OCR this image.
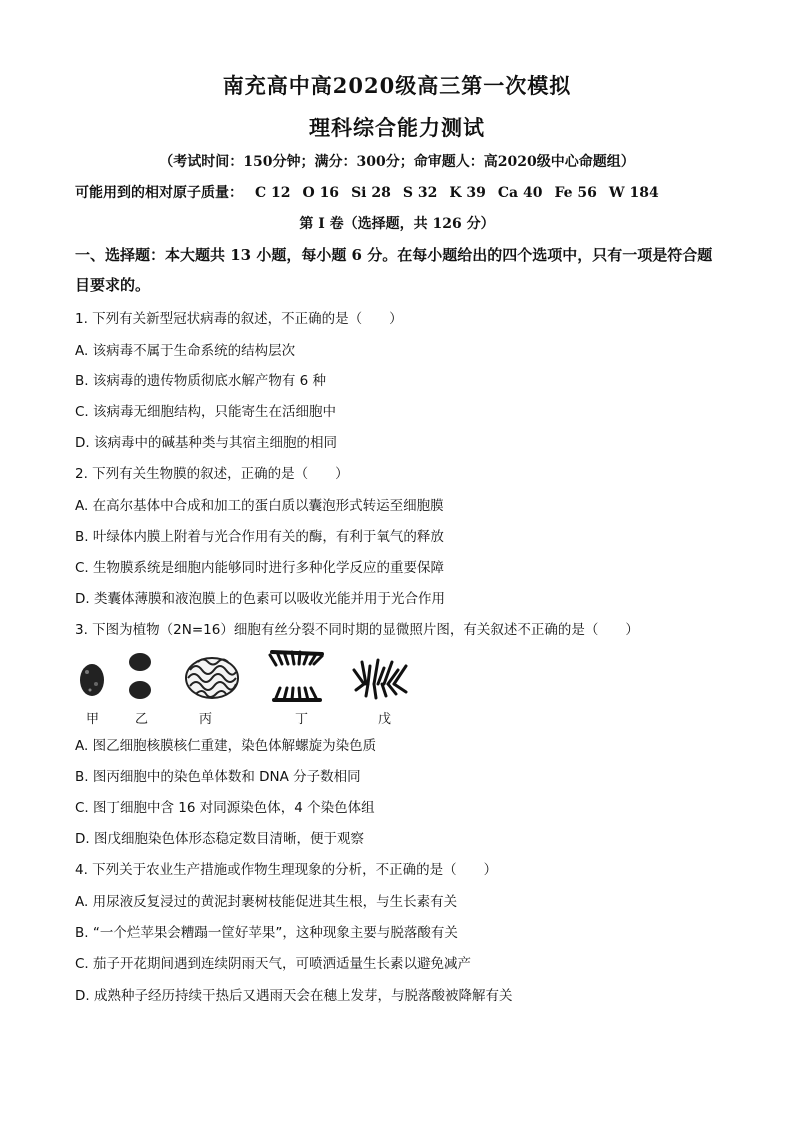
南充高中高2020级高三第一次模拟
理科综合能力测试
（考试时间：150分钟；满分：300分；命审题人：高2020级中心命题组）
可能用到的相对原子质量： C 12 O 16 Si 28 S 32 K 39 Ca 40 Fe 56 W 184
第 I 卷（选择题，共 126 分）
一、选择题：本大题共 13 小题，每小题 6 分。在每小题给出的四个选项中，只有一项是符合题目要求的。
1. 下列有关新型冠状病毒的叙述，不正确的是（　　）
A. 该病毒不属于生命系统的结构层次
B. 该病毒的遗传物质彻底水解产物有 6 种
C. 该病毒无细胞结构，只能寄生在活细胞中
D. 该病毒中的碱基种类与其宿主细胞的相同
2. 下列有关生物膜的叙述，正确的是（　　）
A. 在高尔基体中合成和加工的蛋白质以囊泡形式转运至细胞膜
B. 叶绿体内膜上附着与光合作用有关的酶，有利于氧气的释放
C. 生物膜系统是细胞内能够同时进行多种化学反应的重要保障
D. 类囊体薄膜和液泡膜上的色素可以吸收光能并用于光合作用
3. 下图为植物（2N=16）细胞有丝分裂不同时期的显微照片图，有关叙述不正确的是（　　）
甲	乙	丙	丁	戊
A. 图乙细胞核膜核仁重建，染色体解螺旋为染色质
B. 图丙细胞中的染色单体数和 DNA 分子数相同
C. 图丁细胞中含 16 对同源染色体，4 个染色体组
D. 图戊细胞染色体形态稳定数目清晰，便于观察
4. 下列关于农业生产措施或作物生理现象的分析，不正确的是（　　）
A. 用尿液反复浸过的黄泥封裹树枝能促进其生根，与生长素有关
B. “一个烂苹果会糟蹋一筐好苹果”，这种现象主要与脱落酸有关
C. 茄子开花期间遇到连续阴雨天气，可喷洒适量生长素以避免减产
D. 成熟种子经历持续干热后又遇雨天会在穗上发芽，与脱落酸被降解有关
